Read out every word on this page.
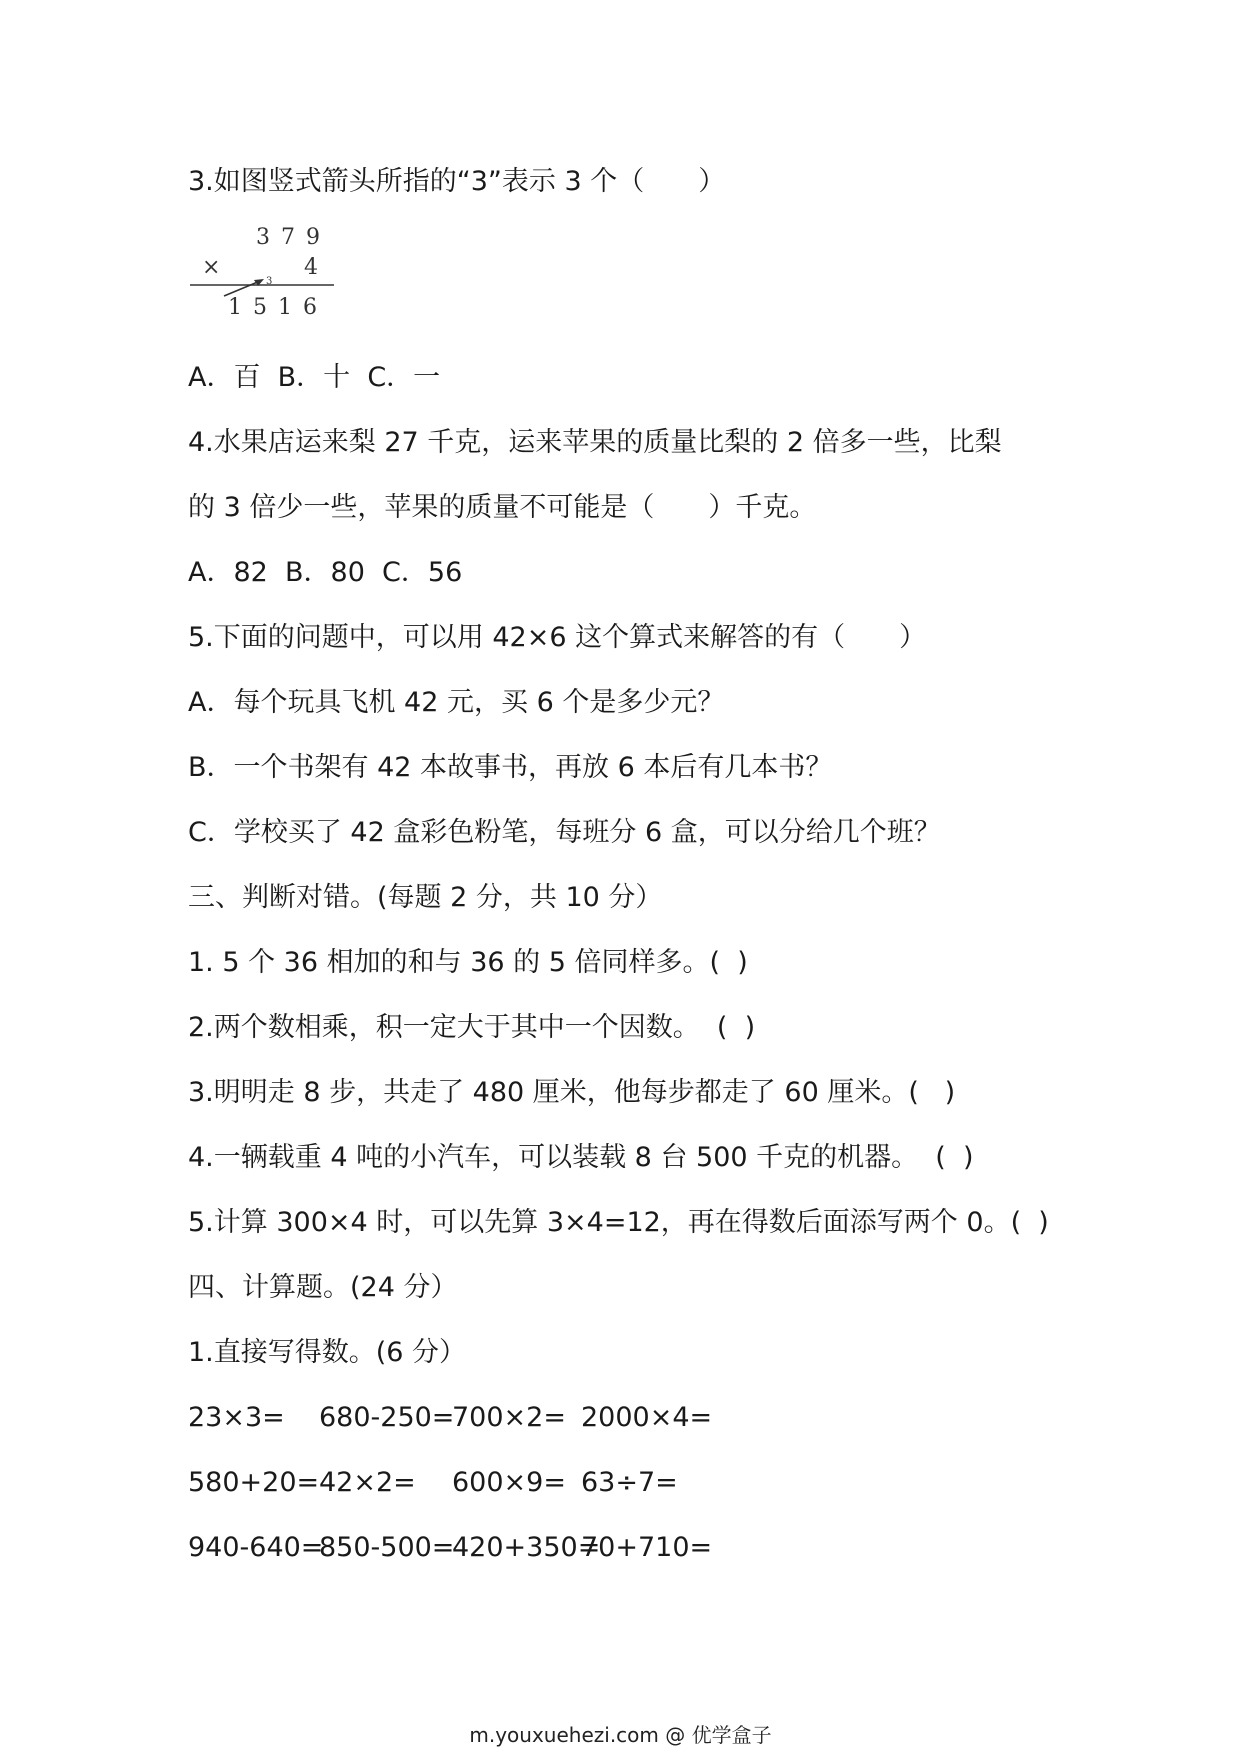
3.如图竖式箭头所指的“3”表示 3 个（　　）
3 7 9
×	4
3
1 5 1 6
A．百  B．十  C．一
4.水果店运来梨 27 千克，运来苹果的质量比梨的 2 倍多一些，比梨
的 3 倍少一些，苹果的质量不可能是（　　）千克。
A．82  B．80  C．56
5.下面的问题中，可以用 42×6 这个算式来解答的有（　　）
A．每个玩具飞机 42 元，买 6 个是多少元？
B．一个书架有 42 本故事书，再放 6 本后有几本书？
C．学校买了 42 盒彩色粉笔，每班分 6 盒，可以分给几个班？
三、判断对错。(每题 2 分，共 10 分）
1. 5 个 36 相加的和与 36 的 5 倍同样多。(  )
2.两个数相乘，积一定大于其中一个因数。  (  )
3.明明走 8 步，共走了 480 厘米，他每步都走了 60 厘米。(   )
4.一辆载重 4 吨的小汽车，可以装载 8 台 500 千克的机器。  (  )
5.计算 300×4 时，可以先算 3×4=12，再在得数后面添写两个 0。(  )
四、计算题。(24 分）
1.直接写得数。(6 分）
23×3= 680-250=
700×2= 2000×4=
580+20= 42×2= 600×9= 63÷7=
940-640=
850-500=
420+350=
70+710=
m.youxuehezi.com @ 优学盒子
